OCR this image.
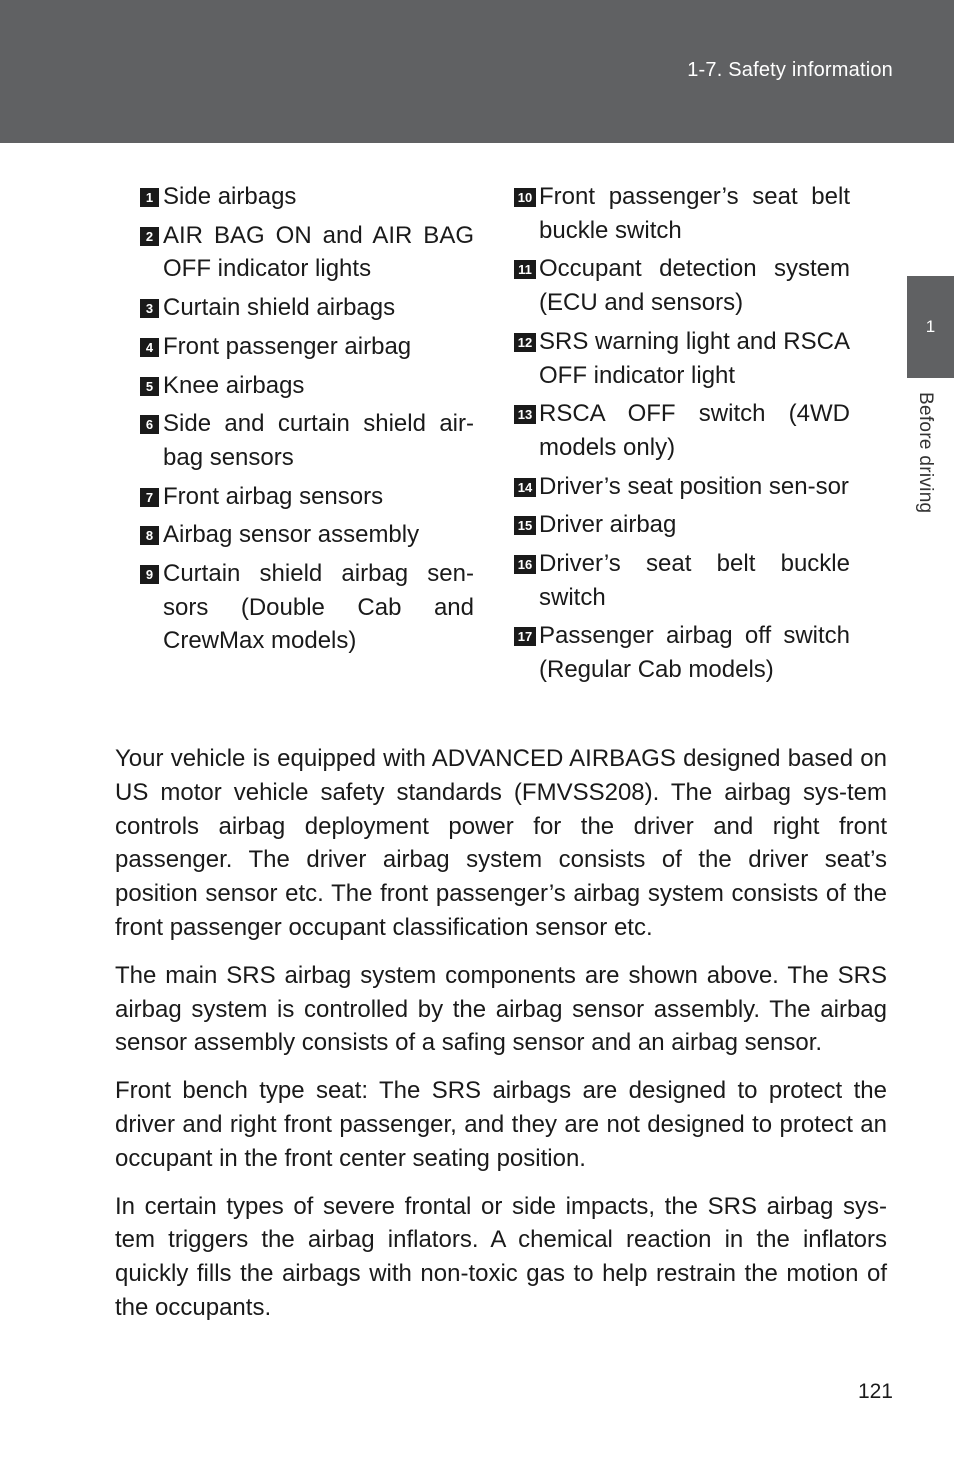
1-7. Safety information
1
Before driving
1 Side airbags
2 AIR BAG ON and AIR BAG OFF indicator lights
3 Curtain shield airbags
4 Front passenger airbag
5 Knee airbags
6 Side and curtain shield air-bag sensors
7 Front airbag sensors
8 Airbag sensor assembly
9 Curtain shield airbag sen-sors (Double Cab and CrewMax models)
10 Front passenger’s seat belt buckle switch
11 Occupant detection system (ECU and sensors)
12 SRS warning light and RSCA OFF indicator light
13 RSCA OFF switch (4WD models only)
14 Driver’s seat position sen-sor
15 Driver airbag
16 Driver’s seat belt buckle switch
17 Passenger airbag off switch (Regular Cab models)

Your vehicle is equipped with ADVANCED AIRBAGS designed based on US motor vehicle safety standards (FMVSS208). The airbag sys-tem controls airbag deployment power for the driver and right front passenger. The driver airbag system consists of the driver seat’s position sensor etc. The front passenger’s airbag system consists of the front passenger occupant classification sensor etc.

The main SRS airbag system components are shown above. The SRS airbag system is controlled by the airbag sensor assembly. The airbag sensor assembly consists of a safing sensor and an airbag sensor.

Front bench type seat: The SRS airbags are designed to protect the driver and right front passenger, and they are not designed to protect an occupant in the front center seating position.

In certain types of severe frontal or side impacts, the SRS airbag sys-tem triggers the airbag inflators. A chemical reaction in the inflators quickly fills the airbags with non-toxic gas to help restrain the motion of the occupants.

121
